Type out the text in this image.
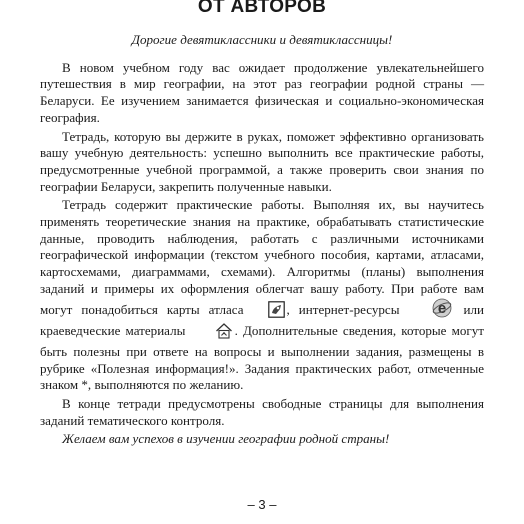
ОТ АВТОРОВ

Дорогие девятиклассники и девятиклассницы!

В новом учебном году вас ожидает продолжение увлекательнейшего путешествия в мир географии, на этот раз географии родной страны — Беларуси. Ее изучением занимается физическая и социально-экономическая география.

Тетрадь, которую вы держите в руках, поможет эффективно организовать вашу учебную деятельность: успешно выполнить все практические работы, предусмотренные учебной программой, а также проверить свои знания по географии Беларуси, закрепить полученные навыки.

Тетрадь содержит практические работы. Выполняя их, вы научитесь применять теоретические знания на практике, обрабатывать статистические данные, проводить наблюдения, работать с различными источниками географической информации (текстом учебного пособия, картами, атласами, картосхемами, диаграммами, схемами). Алгоритмы (планы) выполнения заданий и примеры их оформления облегчат вашу работу. При работе вам могут понадобиться карты атласа	, интернет-ресурсы	e или краеведческие материалы	. Дополнительные сведения, которые могут быть полезны при ответе на вопросы и выполнении задания, размещены в рубрике «Полезная информация!». Задания практических работ, отмеченные знаком *, выполняются по желанию.

В конце тетради предусмотрены свободные страницы для выполнения заданий тематического контроля.

Желаем вам успехов в изучении географии родной страны!

– 3 –
